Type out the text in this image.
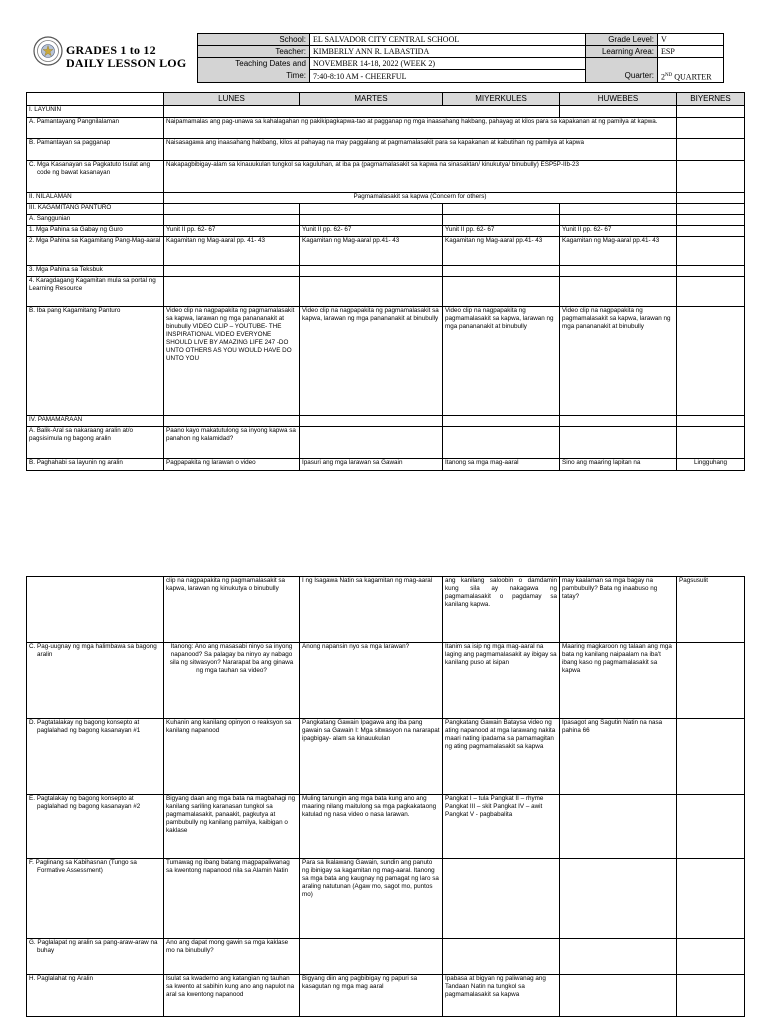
GRADES 1 to 12
DAILY LESSON LOG
School:	EL SALVADOR CITY CENTRAL SCHOOL	Grade Level:	V
Teacher:	KIMBERLY ANN R. LABASTIDA	Learning Area:	ESP
Teaching Dates and	NOVEMBER 14-18, 2022 (WEEK 2)		
Time:	7:40-8:10 AM - CHEERFUL	Quarter:	2ND QUARTER
	LUNES	MARTES	MIYERKULES	HUWEBES	BIYERNES
I. LAYUNIN					
A. Pamantayang Pangnilalaman	Naipamamalas ang pag-unawa sa kahalagahan ng pakikipagkapwa-tao at pagganap ng mga inaasahang hakbang, pahayag at kilos para sa kapakanan at ng pamilya at kapwa.				
B. Pamantayan sa pagganap	Naisasagawa ang inaasahang hakbang, kilos at pahayag na may paggalang at pagmamalasakit para sa kapakanan at kabutihan ng pamilya at kapwa				
C. Mga Kasanayan sa Pagkatuto Isulat ang code ng bawat kasanayan	Nakapagbibigay-alam sa kinauukulan tungkol sa kaguluhan, at iba pa (pagmamalasakit sa kapwa na sinasaktan/ kinukutya/ binubully) ESP5P-IIb-23				
II. NILALAMAN	Pagmamalasakit sa kapwa (Concern for others)				
III. KAGAMITANG PANTURO					
A. Sanggunian					
1. Mga Pahina sa Gabay ng Guro	Yunit II pp. 62- 67	Yunit II pp. 62- 67	Yunit II pp. 62- 67	Yunit II pp. 62- 67	
2. Mga Pahina sa Kagamitang Pang-Mag-aaral	Kagamitan ng Mag-aaral pp. 41- 43	Kagamitan ng Mag-aaral pp.41- 43	Kagamitan ng Mag-aaral pp.41- 43	Kagamitan ng Mag-aaral pp.41- 43	
3. Mga Pahina sa Teksbuk					
4. Karagdagang Kagamitan mula sa portal ng Learning Resource					
B. Iba pang Kagamitang Panturo	Video clip na nagpapakita ng pagmamalasakit sa kapwa, larawan ng mga panananakit at binubully VIDEO CLIP – YOUTUBE- THE INSPIRATIONAL VIDEO EVERYONE SHOULD LIVE BY AMAZING LIFE 247 -DO UNTO OTHERS AS YOU WOULD HAVE DO UNTO YOU	Video clip na nagpapakita ng pagmamalasakit sa kapwa, larawan ng mga panananakit at binubully	Video clip na nagpapakita ng pagmamalasakit sa kapwa, larawan ng mga panananakit at binubully	Video clip na nagpapakita ng pagmamalasakit sa kapwa, larawan ng mga panananakit at binubully	
IV. PAMAMARAAN					
A. Balik-Aral sa nakaraang aralin at/o pagsisimula ng bagong aralin	Paano kayo makatutulong sa inyong kapwa sa panahon ng kalamidad?				
B. Paghahabi sa layunin ng aralin	Pagpapakita ng larawan o video	Ipasuri ang mga larawan sa Gawain	Itanong sa mga mag-aaral	Sino ang maaring lapitan na	Lingguhang
	clip na nagpapakita ng pagmamalasakit sa kapwa, larawan ng kinukutya o binubully	I ng Isagawa Natin sa kagamitan ng mag-aaral	ang kanilang saloobin o damdamin kung sila ay nakagawa ng pagmamalasakit o pagdamay sa kanilang kapwa.	may kaalaman sa mga bagay na pambubully? Bata ng inaabuso ng tatay?	Pagsusulit
C. Pag-uugnay ng mga halimbawa sa bagong aralin	Itanong: Ano ang masasabi ninyo sa inyong napanood? Sa palagay ba ninyo ay nabago sila ng sitwasyon? Nararapat ba ang ginawa ng mga tauhan sa video?	Anong napansin nyo sa mga larawan?	Itanim sa isip ng mga mag-aaral na laging ang pagmamalasakit ay ibigay sa kanilang puso at isipan	Maaring magkaroon ng talaan ang mga bata ng kanilang naipaalam na iba't ibang kaso ng pagmamalasakit sa kapwa	
D. Pagtatalakay ng bagong konsepto at paglalahad ng bagong kasanayan #1	Kuhanin ang kanilang opinyon o reaksyon sa kanilang napanood	Pangkatang Gawain Ipagawa ang iba pang gawain sa Gawain I: Mga sitwasyon na nararapat ipagbigay- alam sa kinauukulan	Pangkatang Gawain Bataysa video ng ating napanood at mga larawang nakita maari nating ipadama sa pamamagitan ng ating pagmamalasakit sa kapwa	Ipasagot ang Sagutin Natin na nasa pahina 66	
E. Pagtalakay ng bagong konsepto at paglalahad ng bagong kasanayan #2	Bigyang daan ang mga bata na magbahagi ng kanilang sariling karanasan tungkol sa pagmamalasakit, panaakit, pagkutya at pambubully ng kanilang pamilya, kaibigan o kaklase	Muling tanungin ang mga bata kung ano ang maaring nilang maitulong sa mga pagkakataong katulad ng nasa video o nasa larawan.	Pangkat I – tula Pangkat II – rhyme Pangkat III – skit Pangkat IV – awit Pangkat V - pagbabalita		
F. Paglinang sa Kabihasnan (Tungo sa Formative Assessment)	Tumawag ng ibang batang magpapaliwanag sa kwentong napanood nila sa Alamin Natin	Para sa Ikalawang Gawain, sundin ang panuto ng ibinigay sa kagamitan ng mag-aaral. Itanong sa mga bata ang kaugnay ng pamagat ng laro sa araling natutunan (Agaw mo, sagot mo, puntos mo)			
G. Paglalapat ng aralin sa pang-araw-araw na buhay	Ano ang dapat mong gawin sa mga kaklase mo na binubully?				
H. Paglalahat ng Aralin	Isulat sa kwaderno ang katangian ng tauhan sa kwento at sabihin kung ano ang napulot na aral sa kwentong napanood	Bigyang diin ang pagbibigay ng papuri sa kasagutan ng mga mag aaral	Ipabasa at bigyan ng paliwanag ang Tandaan Natin na tungkol sa pagmamalasakit sa kapwa		
